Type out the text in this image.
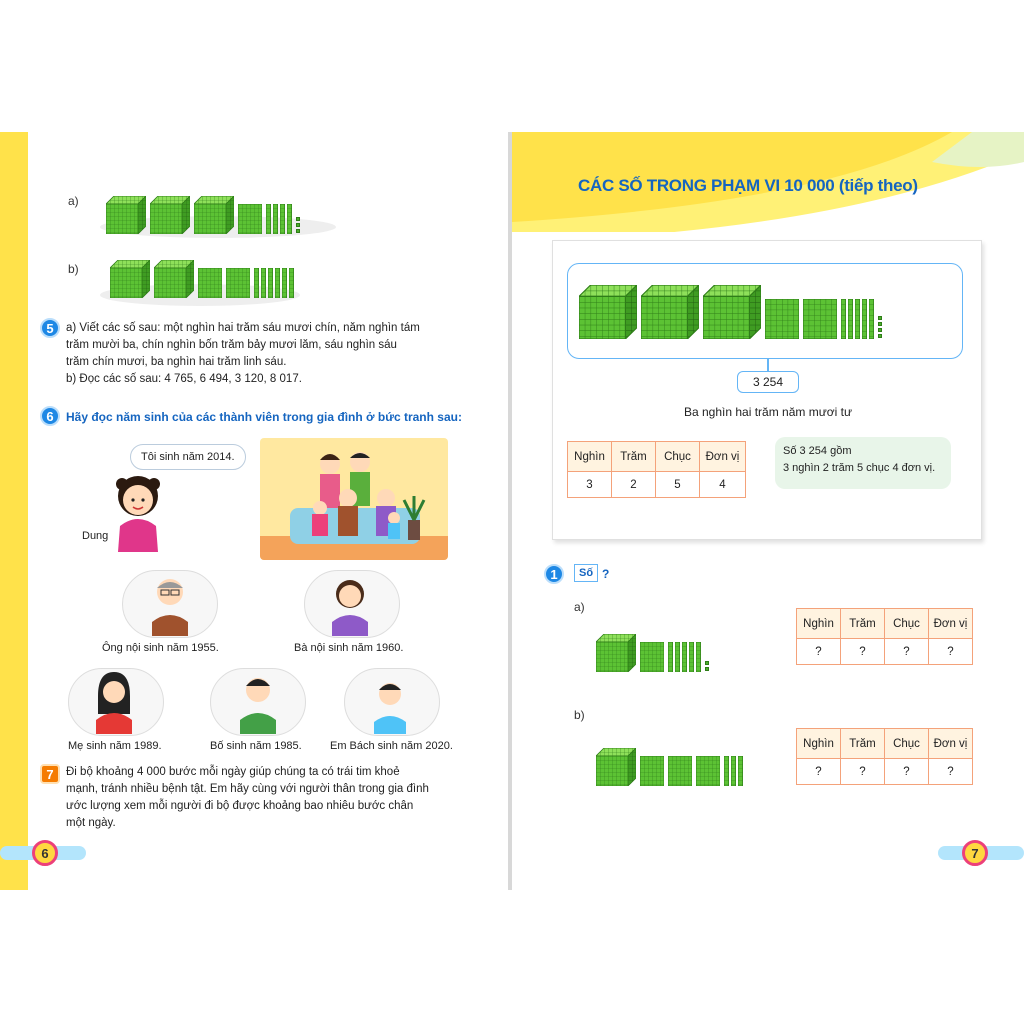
a)
b)
5	a) Viết các số sau: một nghìn hai trăm sáu mươi chín, năm nghìn tám
trăm mười ba, chín nghìn bốn trăm bảy mươi lăm, sáu nghìn sáu
trăm chín mươi, ba nghìn hai trăm linh sáu.
b) Đọc các số sau: 4 765, 6 494, 3 120, 8 017.
6	Hãy đọc năm sinh của các thành viên trong gia đình ở bức tranh sau:
Tôi sinh năm 2014.
Dung
Ông nội sinh năm 1955.	Bà nội sinh năm 1960.
Mẹ sinh năm 1989.	Bố sinh năm 1985.	Em Bách sinh năm 2020.
7	Đi bộ khoảng 4 000 bước mỗi ngày giúp chúng ta có trái tim khoẻ
mạnh, tránh nhiều bệnh tật. Em hãy cùng với người thân trong gia đình
ước lượng xem mỗi người đi bộ được khoảng bao nhiêu bước chân
một ngày.
6
CÁC SỐ TRONG PHẠM VI 10 000 (tiếp theo)
3 254
Ba nghìn hai trăm năm mươi tư
Nghìn	Trăm	Chục	Đơn vị
3	2	5	4
Số 3 254 gồm
3 nghìn 2 trăm 5 chục 4 đơn vị.
1	Số ?
a)
Nghìn	Trăm	Chục	Đơn vị
?	?	?	?
b)
Nghìn	Trăm	Chục	Đơn vị
?	?	?	?
7
